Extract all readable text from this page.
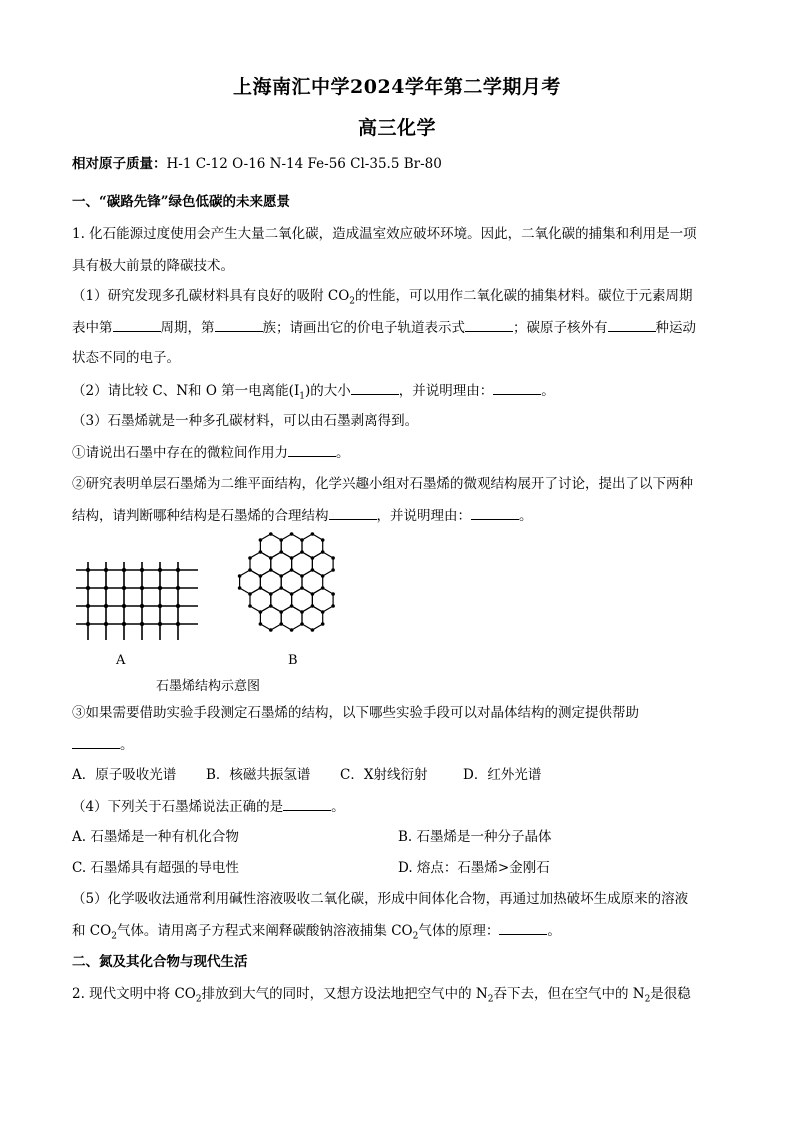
上海南汇中学2024学年第二学期月考
高三化学
相对原子质量：H-1 C-12 O-16 N-14 Fe-56 Cl-35.5 Br-80
一、“碳路先锋”绿色低碳的未来愿景
1. 化石能源过度使用会产生大量二氧化碳，造成温室效应破坏环境。因此，二氧化碳的捕集和利用是一项
具有极大前景的降碳技术。
（1）研究发现多孔碳材料具有良好的吸附 $CO_2$的性能，可以用作二氧化碳的捕集材料。碳位于元素周期
表中第	周期，第	族；请画出它的价电子轨道表示式	；碳原子核外有	种运动
状态不同的电子。
（2）请比较 C、N和 O 第一电离能$(I_1)$的大小	，并说明理由：	。
（3）石墨烯就是一种多孔碳材料，可以由石墨剥离得到。
①请说出石墨中存在的微粒间作用力	。
②研究表明单层石墨烯为二维平面结构，化学兴趣小组对石墨烯的微观结构展开了讨论，提出了以下两种
结构，请判断哪种结构是石墨烯的合理结构	，并说明理由：	。
A	B
石墨烯结构示意图
③如果需要借助实验手段测定石墨烯的结构，以下哪些实验手段可以对晶体结构的测定提供帮助
。
A．原子吸收光谱 B．核磁共振氢谱 C．X射线衍射	D．红外光谱
（4）下列关于石墨烯说法正确的是	。
A. 石墨烯是一种有机化合物	B. 石墨烯是一种分子晶体
C. 石墨烯具有超强的导电性	D. 熔点：石墨烯>金刚石
（5）化学吸收法通常利用碱性溶液吸收二氧化碳，形成中间体化合物，再通过加热破坏生成原来的溶液
和 $CO_2$气体。请用离子方程式来阐释碳酸钠溶液捕集 $CO_2$气体的原理：	。
二、氮及其化合物与现代生活
2. 现代文明中将 $CO_2$排放到大气的同时，又想方设法地把空气中的 $N_2$吞下去，但在空气中的 $N_2$是很稳
